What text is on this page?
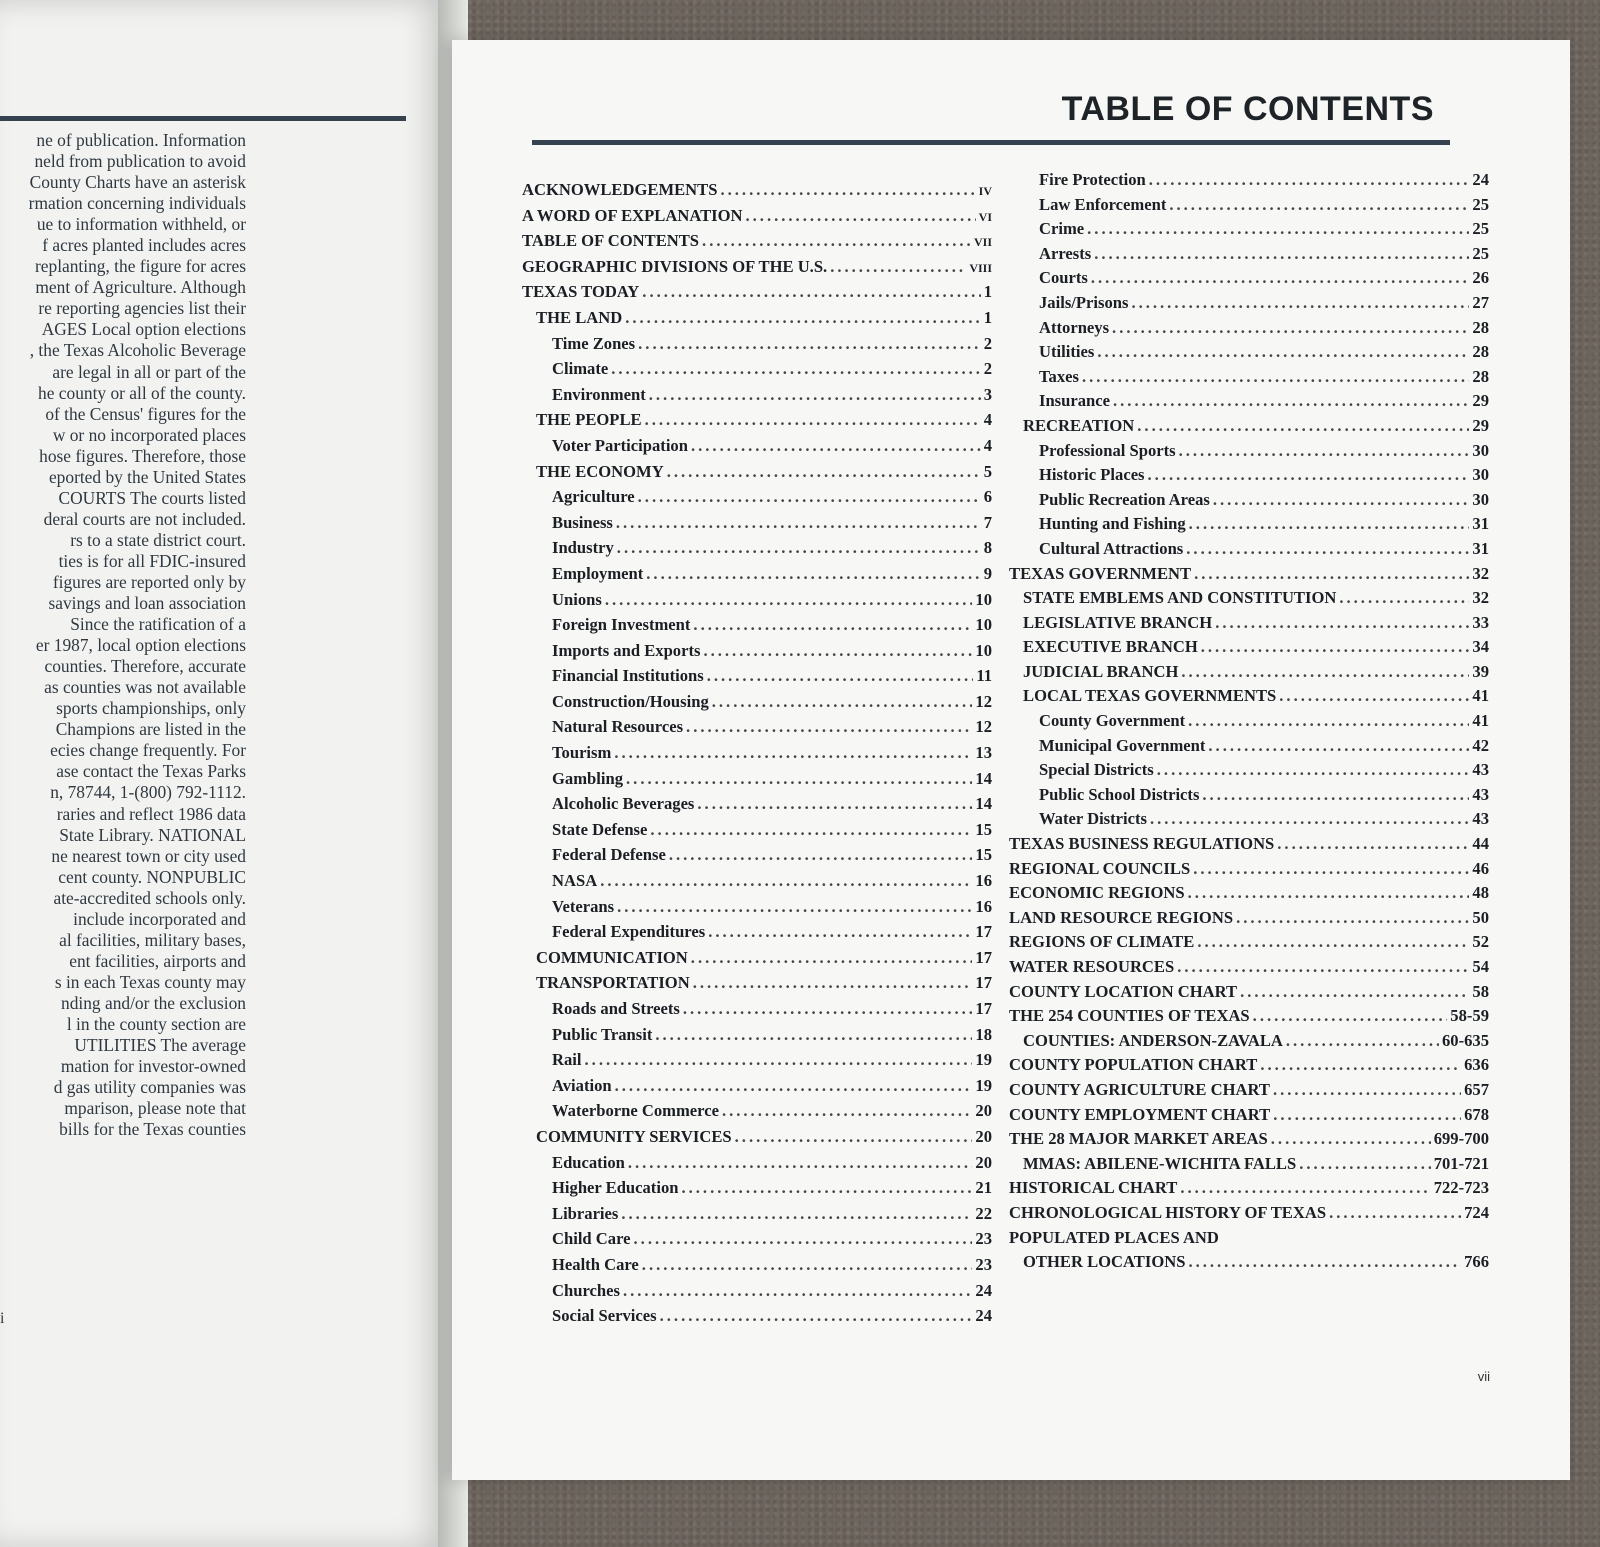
ne of publication. Information
neld from publication to avoid
County Charts have an asterisk
rmation concerning individuals
ue to information withheld, or
f acres planted includes acres
replanting, the figure for acres
ment of Agriculture. Although
re reporting agencies list their
AGES Local option elections
, the Texas Alcoholic Beverage
are legal in all or part of the
he county or all of the county.
of the Census' figures for the
w or no incorporated places
hose figures. Therefore, those
eported by the United States
COURTS The courts listed
deral courts are not included.
rs to a state district court.
ties is for all FDIC-insured
figures are reported only by
savings and loan association
Since the ratification of a
er 1987, local option elections
counties. Therefore, accurate
as counties was not available
sports championships, only
Champions are listed in the
ecies change frequently. For
ase contact the Texas Parks
n, 78744, 1-(800) 792-1112.
raries and reflect 1986 data
State Library. NATIONAL
ne nearest town or city used
cent county. NONPUBLIC
ate-accredited schools only.
include incorporated and
al facilities, military bases,
ent facilities, airports and
s in each Texas county may
nding and/or the exclusion
l in the county section are
UTILITIES The average
mation for investor-owned
d gas utility companies was
mparison, please note that
bills for the Texas counties
i
TABLE OF CONTENTS
ACKNOWLEDGEMENTS .....	iv
A WORD OF EXPLANATION .....	vi
TABLE OF CONTENTS .....	vii
GEOGRAPHIC DIVISIONS OF THE U.S. .....	viii
TEXAS TODAY .....	1
THE LAND .....	1
Time Zones .....	2
Climate .....	2
Environment .....	3
THE PEOPLE .....	4
Voter Participation .....	4
THE ECONOMY .....	5
Agriculture .....	6
Business .....	7
Industry .....	8
Employment .....	9
Unions .....	10
Foreign Investment .....	10
Imports and Exports .....	10
Financial Institutions .....	11
Construction/Housing .....	12
Natural Resources .....	12
Tourism .....	13
Gambling .....	14
Alcoholic Beverages .....	14
State Defense .....	15
Federal Defense .....	15
NASA .....	16
Veterans .....	16
Federal Expenditures .....	17
COMMUNICATION .....	17
TRANSPORTATION .....	17
Roads and Streets .....	17
Public Transit .....	18
Rail .....	19
Aviation .....	19
Waterborne Commerce .....	20
COMMUNITY SERVICES .....	20
Education .....	20
Higher Education .....	21
Libraries .....	22
Child Care .....	23
Health Care .....	23
Churches .....	24
Social Services .....	24
Fire Protection .....	24
Law Enforcement .....	25
Crime .....	25
Arrests .....	25
Courts .....	26
Jails/Prisons .....	27
Attorneys .....	28
Utilities .....	28
Taxes .....	28
Insurance .....	29
RECREATION .....	29
Professional Sports .....	30
Historic Places .....	30
Public Recreation Areas .....	30
Hunting and Fishing .....	31
Cultural Attractions .....	31
TEXAS GOVERNMENT .....	32
STATE EMBLEMS AND CONSTITUTION .....	32
LEGISLATIVE BRANCH .....	33
EXECUTIVE BRANCH .....	34
JUDICIAL BRANCH .....	39
LOCAL TEXAS GOVERNMENTS .....	41
County Government .....	41
Municipal Government .....	42
Special Districts .....	43
Public School Districts .....	43
Water Districts .....	43
TEXAS BUSINESS REGULATIONS .....	44
REGIONAL COUNCILS .....	46
ECONOMIC REGIONS .....	48
LAND RESOURCE REGIONS .....	50
REGIONS OF CLIMATE .....	52
WATER RESOURCES .....	54
COUNTY LOCATION CHART .....	58
THE 254 COUNTIES OF TEXAS .....	58-59
COUNTIES: ANDERSON-ZAVALA .....	60-635
COUNTY POPULATION CHART .....	636
COUNTY AGRICULTURE CHART .....	657
COUNTY EMPLOYMENT CHART .....	678
THE 28 MAJOR MARKET AREAS .....	699-700
MMAS: ABILENE-WICHITA FALLS .....	701-721
HISTORICAL CHART .....	722-723
CHRONOLOGICAL HISTORY OF TEXAS .....	724
POPULATED PLACES AND
OTHER LOCATIONS .....	766
vii
